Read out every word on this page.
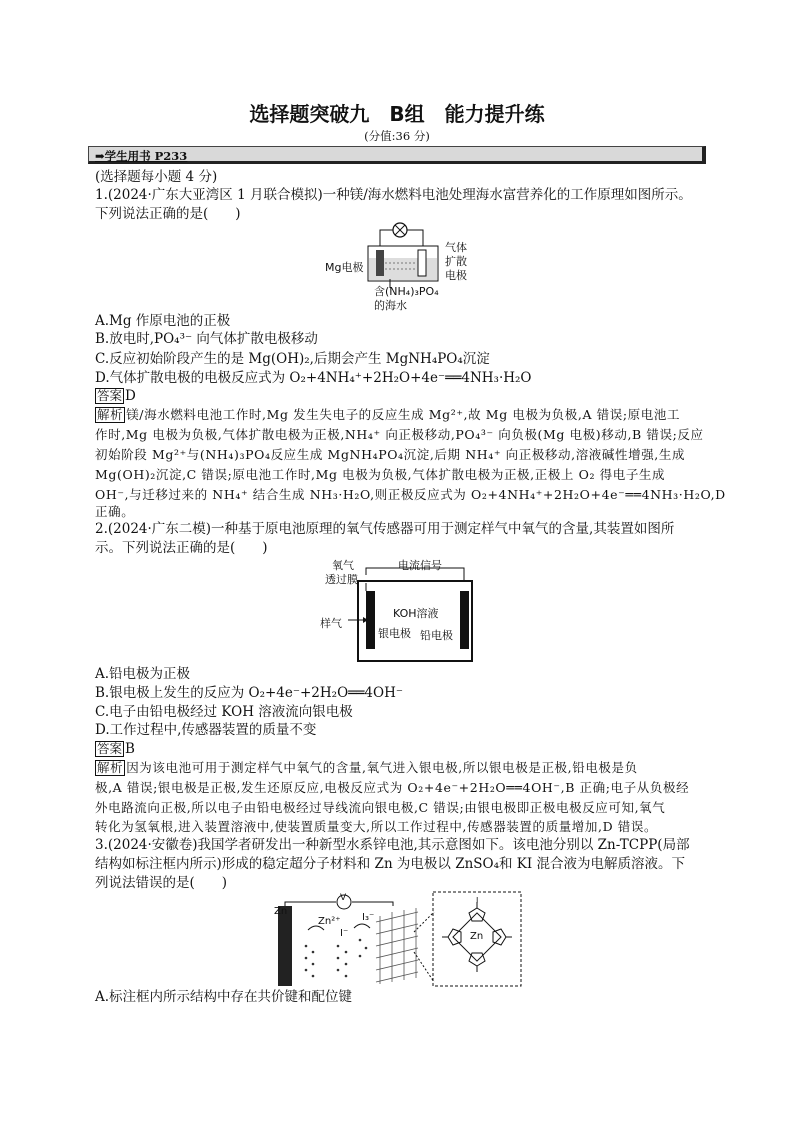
选择题突破九　B组　能力提升练
(分值:36 分)
➡学生用书 P233
(选择题每小题 4 分)
1.(2024·广东大亚湾区 1 月联合模拟)一种镁/海水燃料电池处理海水富营养化的工作原理如图所示。
下列说法正确的是(　　)
Mg电极
气体
扩散
电极
含(NH₄)₃PO₄
的海水
A.Mg 作原电池的正极
B.放电时,PO₄³⁻ 向气体扩散电极移动
C.反应初始阶段产生的是 Mg(OH)₂,后期会产生 MgNH₄PO₄沉淀
D.气体扩散电极的电极反应式为 O₂+4NH₄⁺+2H₂O+4e⁻══4NH₃·H₂O
答案 D
解析 镁/海水燃料电池工作时,Mg 发生失电子的反应生成 Mg²⁺,故 Mg 电极为负极,A 错误;原电池工
作时,Mg 电极为负极,气体扩散电极为正极,NH₄⁺ 向正极移动,PO₄³⁻ 向负极(Mg 电极)移动,B 错误;反应
初始阶段 Mg²⁺与(NH₄)₃PO₄反应生成 MgNH₄PO₄沉淀,后期 NH₄⁺ 向正极移动,溶液碱性增强,生成
Mg(OH)₂沉淀,C 错误;原电池工作时,Mg 电极为负极,气体扩散电极为正极,正极上 O₂ 得电子生成
OH⁻,与迁移过来的 NH₄⁺ 结合生成 NH₃·H₂O,则正极反应式为 O₂+4NH₄⁺+2H₂O+4e⁻══4NH₃·H₂O,D
正确。
2.(2024·广东二模)一种基于原电池原理的氧气传感器可用于测定样气中氧气的含量,其装置如图所
示。下列说法正确的是(　　)
氧气
透过膜
电流信号
KOH溶液
样气
银电极 铅电极
A.铅电极为正极
B.银电极上发生的反应为 O₂+4e⁻+2H₂O══4OH⁻
C.电子由铅电极经过 KOH 溶液流向银电极
D.工作过程中,传感器装置的质量不变
答案 B
解析 因为该电池可用于测定样气中氧气的含量,氧气进入银电极,所以银电极是正极,铅电极是负
极,A 错误;银电极是正极,发生还原反应,电极反应式为 O₂+4e⁻+2H₂O══4OH⁻,B 正确;电子从负极经
外电路流向正极,所以电子由铅电极经过导线流向银电极,C 错误;由银电极即正极电极反应可知,氧气
转化为氢氧根,进入装置溶液中,使装置质量变大,所以工作过程中,传感器装置的质量增加,D 错误。
3.(2024·安徽卷)我国学者研发出一种新型水系锌电池,其示意图如下。该电池分别以 Zn-TCPP(局部
结构如标注框内所示)形成的稳定超分子材料和 Zn 为电极以 ZnSO₄和 KI 混合液为电解质溶液。下
列说法错误的是(　　)
V
Zn
Zn²⁺
I⁻
I₃⁻
Zn
I
A.标注框内所示结构中存在共价键和配位键
